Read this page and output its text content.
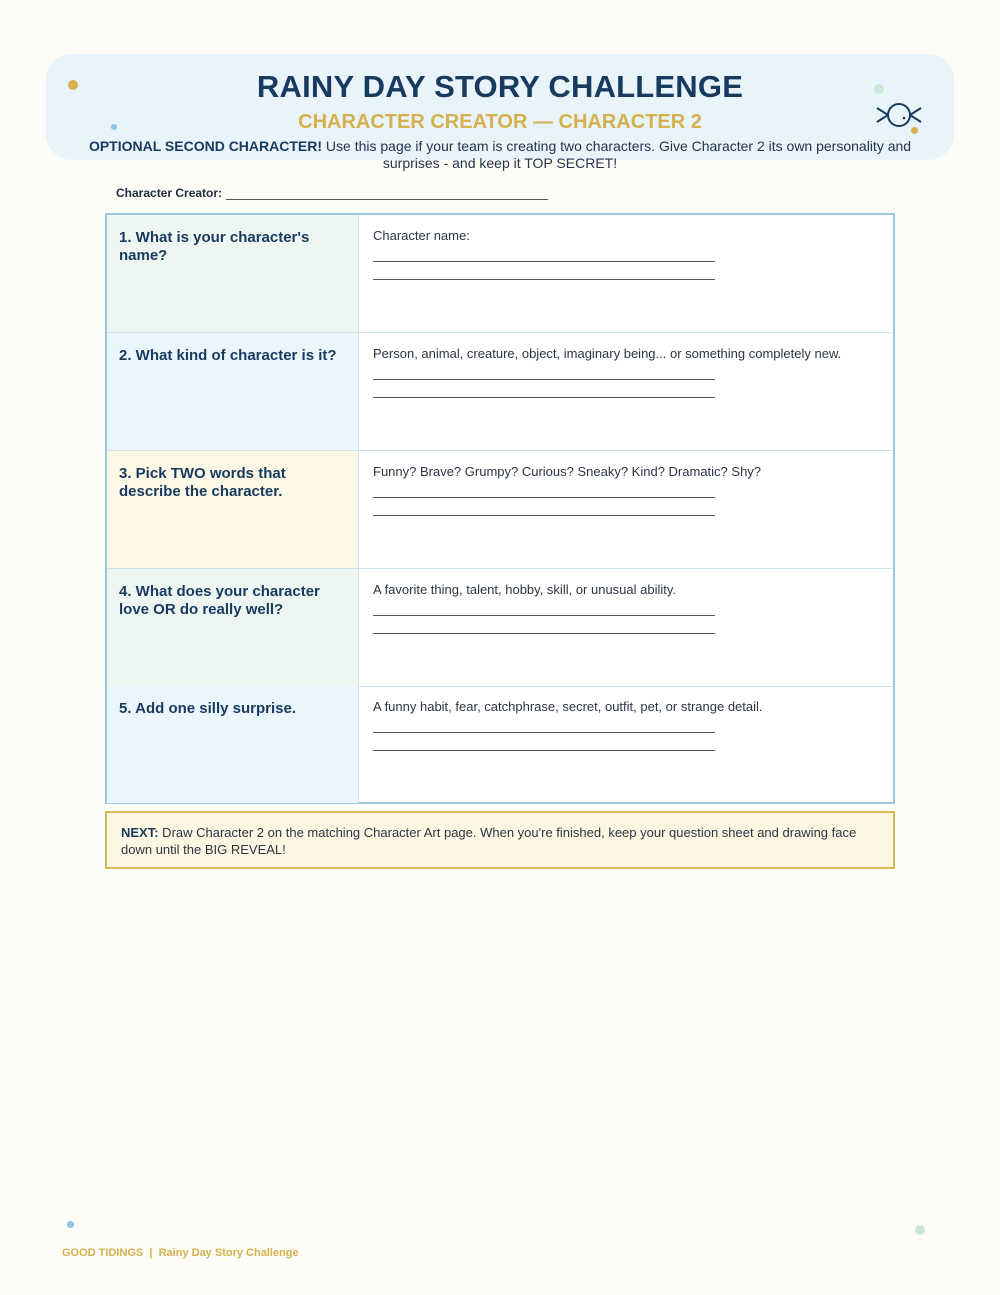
RAINY DAY STORY CHALLENGE
CHARACTER CREATOR — CHARACTER 2
OPTIONAL SECOND CHARACTER! Use this page if your team is creating two characters. Give Character 2 its own personality and surprises - and keep it TOP SECRET!
Character Creator:
1. What is your character's name?
Character name:
2. What kind of character is it?	Person, animal, creature, object, imaginary being... or something completely new.
3. Pick TWO words that describe the character.
Funny? Brave? Grumpy? Curious? Sneaky? Kind? Dramatic? Shy?
4. What does your character love OR do really well?
A favorite thing, talent, hobby, skill, or unusual ability.
5. Add one silly surprise.	A funny habit, fear, catchphrase, secret, outfit, pet, or strange detail.
NEXT: Draw Character 2 on the matching Character Art page. When you're finished, keep your question sheet and drawing face down until the BIG REVEAL!
GOOD TIDINGS | Rainy Day Story Challenge
